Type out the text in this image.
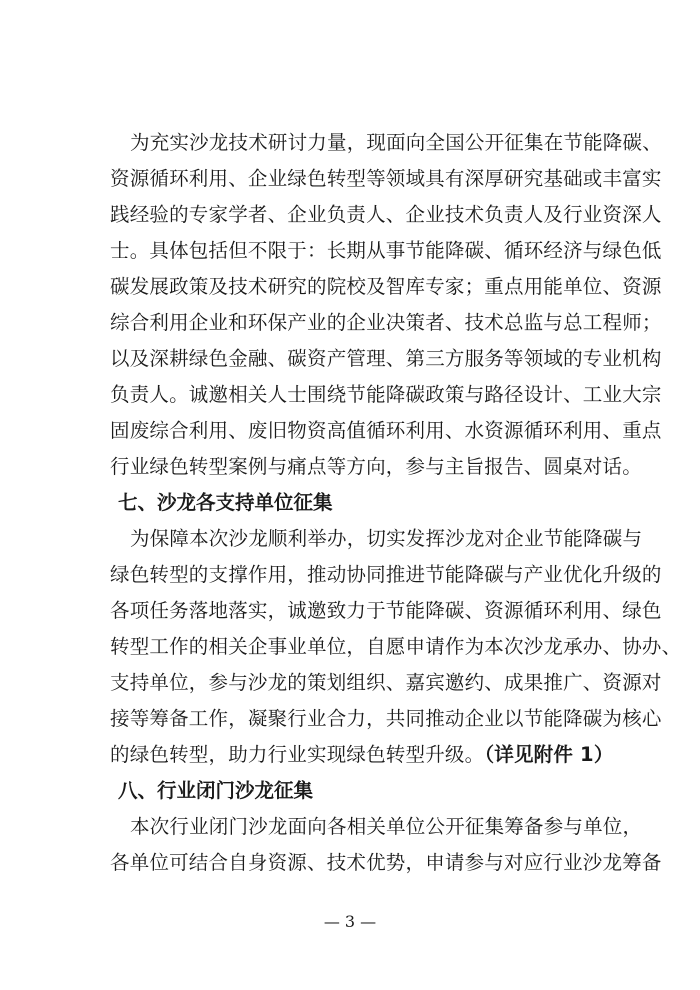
为充实沙龙技术研讨力量，现面向全国公开征集在节能降碳、
资源循环利用、企业绿色转型等领域具有深厚研究基础或丰富实
践经验的专家学者、企业负责人、企业技术负责人及行业资深人
士。具体包括但不限于：长期从事节能降碳、循环经济与绿色低
碳发展政策及技术研究的院校及智库专家；重点用能单位、资源
综合利用企业和环保产业的企业决策者、技术总监与总工程师；
以及深耕绿色金融、碳资产管理、第三方服务等领域的专业机构
负责人。诚邀相关人士围绕节能降碳政策与路径设计、工业大宗
固废综合利用、废旧物资高值循环利用、水资源循环利用、重点
行业绿色转型案例与痛点等方向，参与主旨报告、圆桌对话。
七、沙龙各支持单位征集
为保障本次沙龙顺利举办，切实发挥沙龙对企业节能降碳与
绿色转型的支撑作用，推动协同推进节能降碳与产业优化升级的
各项任务落地落实，诚邀致力于节能降碳、资源循环利用、绿色
转型工作的相关企事业单位，自愿申请作为本次沙龙承办、协办、
支持单位，参与沙龙的策划组织、嘉宾邀约、成果推广、资源对
接等筹备工作，凝聚行业合力，共同推动企业以节能降碳为核心
的绿色转型，助力行业实现绿色转型升级。（详见附件 1）
八、行业闭门沙龙征集
本次行业闭门沙龙面向各相关单位公开征集筹备参与单位，
各单位可结合自身资源、技术优势，申请参与对应行业沙龙筹备
— 3 —
